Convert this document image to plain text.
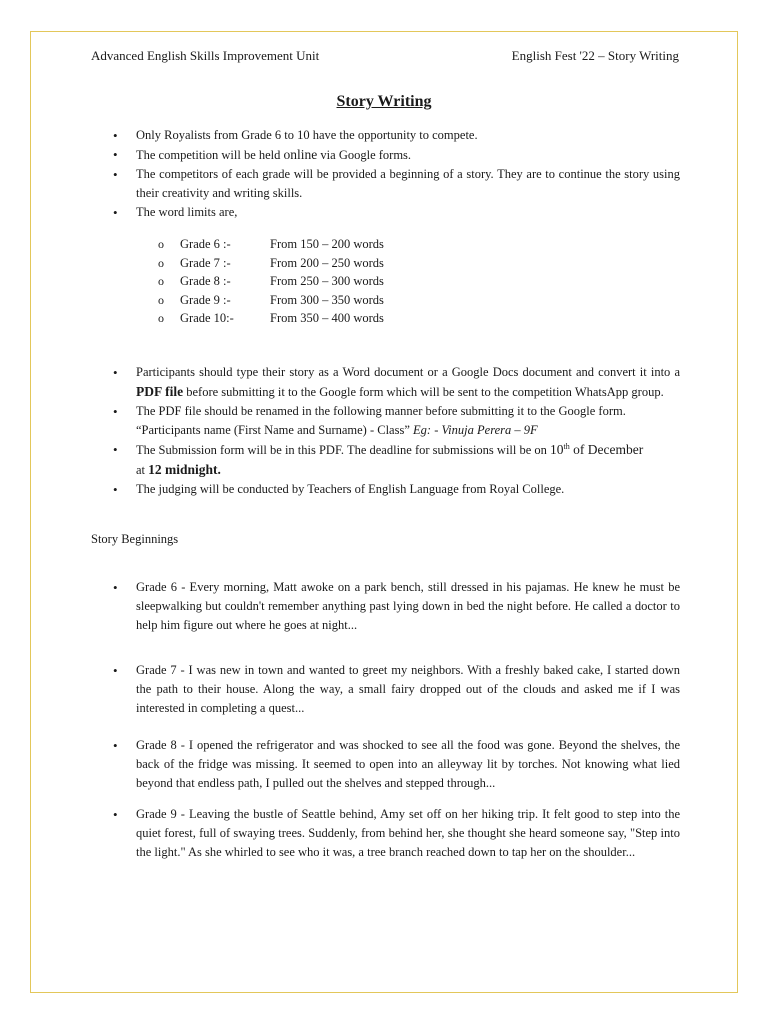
Advanced English Skills Improvement Unit	English Fest '22 – Story Writing
Story Writing
• Only Royalists from Grade 6 to 10 have the opportunity to compete.
• The competition will be held online via Google forms.
• The competitors of each grade will be provided a beginning of a story. They are to continue the story using their creativity and writing skills.
• The word limits are,
o Grade 6 :-	From 150 – 200 words
o Grade 7 :-	From 200 – 250 words
o Grade 8 :-	From 250 – 300 words
o Grade 9 :-	From 300 – 350 words
o Grade 10:-	From 350 – 400 words
• Participants should type their story as a Word document or a Google Docs document and convert it into a PDF file before submitting it to the Google form which will be sent to the competition WhatsApp group.
• The PDF file should be renamed in the following manner before submitting it to the Google form.
“Participants name (First Name and Surname) - Class” Eg: - Vinuja Perera – 9F
• The Submission form will be in this PDF. The deadline for submissions will be on 10th of December
at 12 midnight.
• The judging will be conducted by Teachers of English Language from Royal College.
Story Beginnings
• Grade 6 - Every morning, Matt awoke on a park bench, still dressed in his pajamas. He knew he must be sleepwalking but couldn't remember anything past lying down in bed the night before. He called a doctor to help him figure out where he goes at night...
• Grade 7 - I was new in town and wanted to greet my neighbors. With a freshly baked cake, I started down the path to their house. Along the way, a small fairy dropped out of the clouds and asked me if I was interested in completing a quest...
• Grade 8 - I opened the refrigerator and was shocked to see all the food was gone. Beyond the shelves, the back of the fridge was missing. It seemed to open into an alleyway lit by torches. Not knowing what lied beyond that endless path, I pulled out the shelves and stepped through...
• Grade 9 - Leaving the bustle of Seattle behind, Amy set off on her hiking trip. It felt good to step into the quiet forest, full of swaying trees. Suddenly, from behind her, she thought she heard someone say, "Step into the light." As she whirled to see who it was, a tree branch reached down to tap her on the shoulder...
